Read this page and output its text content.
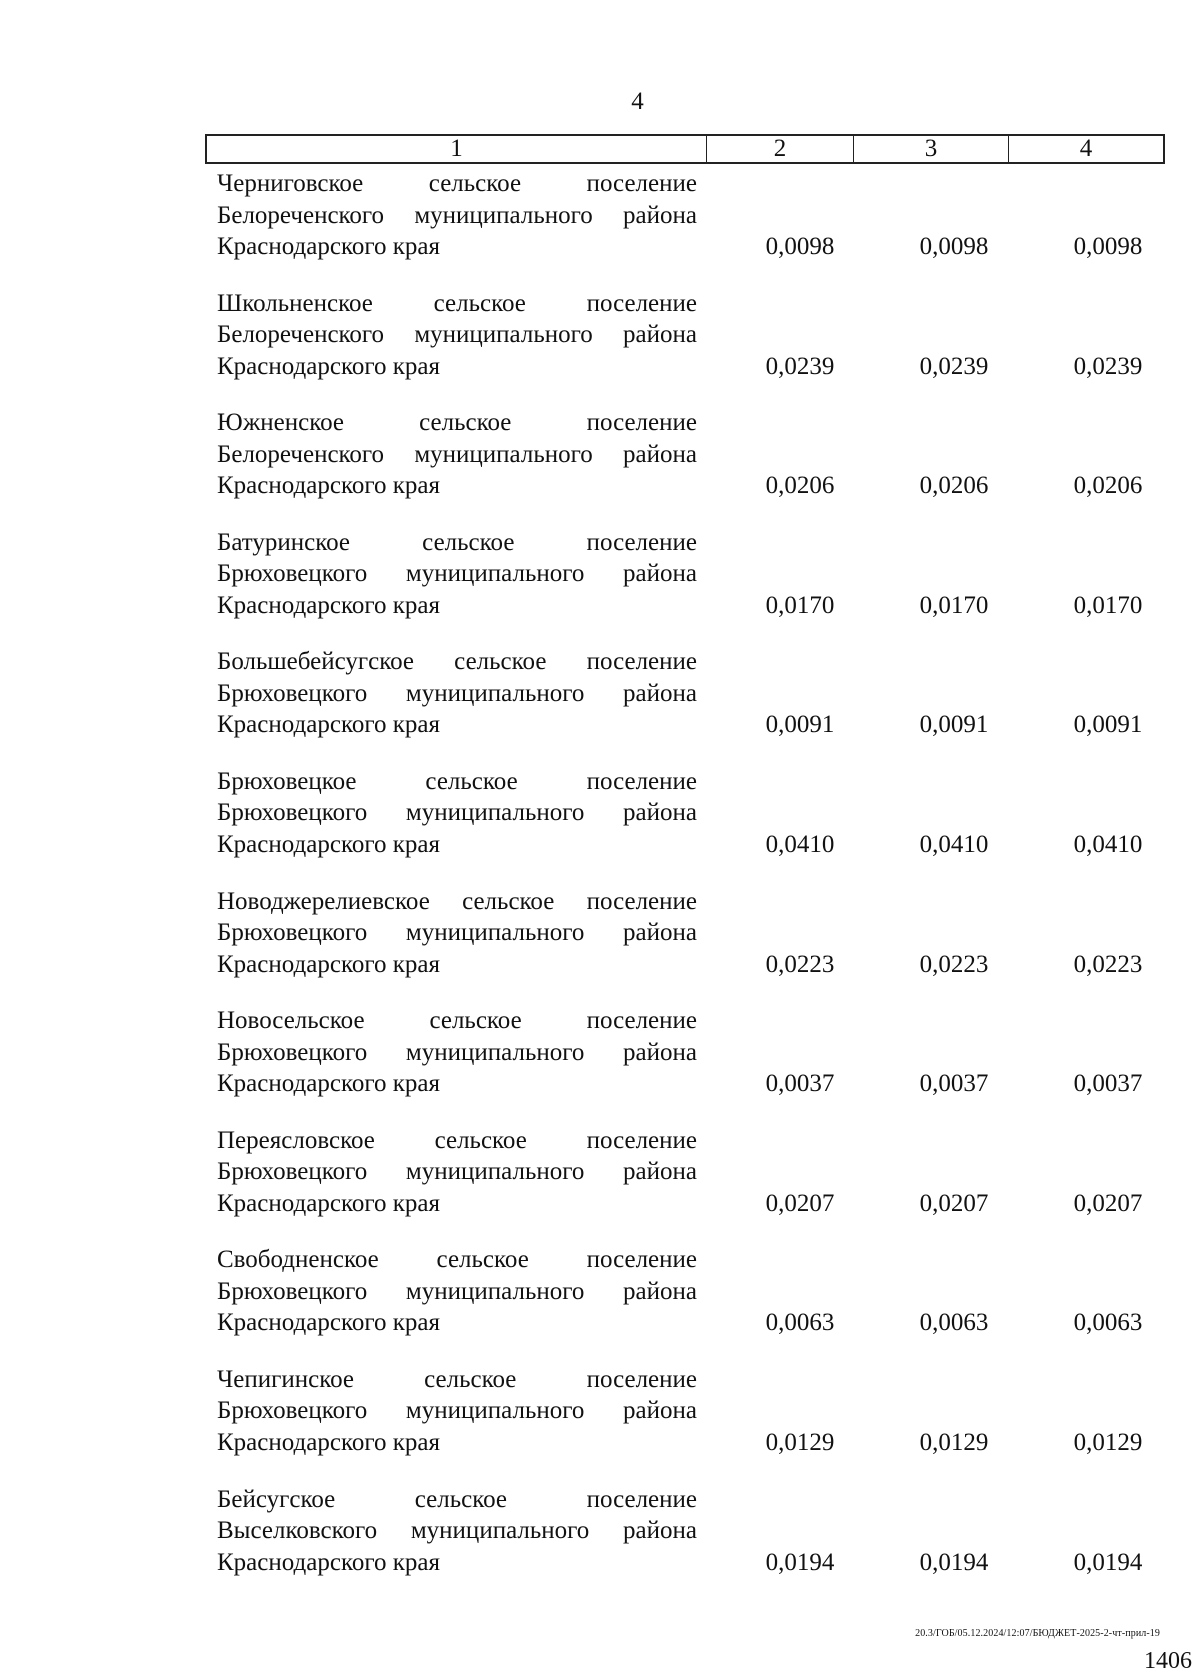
4
1	2	3	4
Черниговское сельское поселение Белореченского муниципального района Краснодарского края	0,0098	0,0098	0,0098
Школьненское сельское поселение Белореченского муниципального района Краснодарского края	0,0239	0,0239	0,0239
Южненское сельское поселение Белореченского муниципального района Краснодарского края	0,0206	0,0206	0,0206
Батуринское сельское поселение Брюховецкого муниципального района Краснодарского края	0,0170	0,0170	0,0170
Большебейсугское сельское поселение Брюховецкого муниципального района Краснодарского края	0,0091	0,0091	0,0091
Брюховецкое сельское поселение Брюховецкого муниципального района Краснодарского края	0,0410	0,0410	0,0410
Новоджерелиевское сельское поселение Брюховецкого муниципального района Краснодарского края	0,0223	0,0223	0,0223
Новосельское сельское поселение Брюховецкого муниципального района Краснодарского края	0,0037	0,0037	0,0037
Переясловское сельское поселение Брюховецкого муниципального района Краснодарского края	0,0207	0,0207	0,0207
Свободненское сельское поселение Брюховецкого муниципального района Краснодарского края	0,0063	0,0063	0,0063
Чепигинское сельское поселение Брюховецкого муниципального района Краснодарского края	0,0129	0,0129	0,0129
Бейсугское сельское поселение Выселковского муниципального района Краснодарского края	0,0194	0,0194	0,0194
20.3/ГОБ/05.12.2024/12:07/БЮДЖЕТ-2025-2-чт-прил-19
1406
